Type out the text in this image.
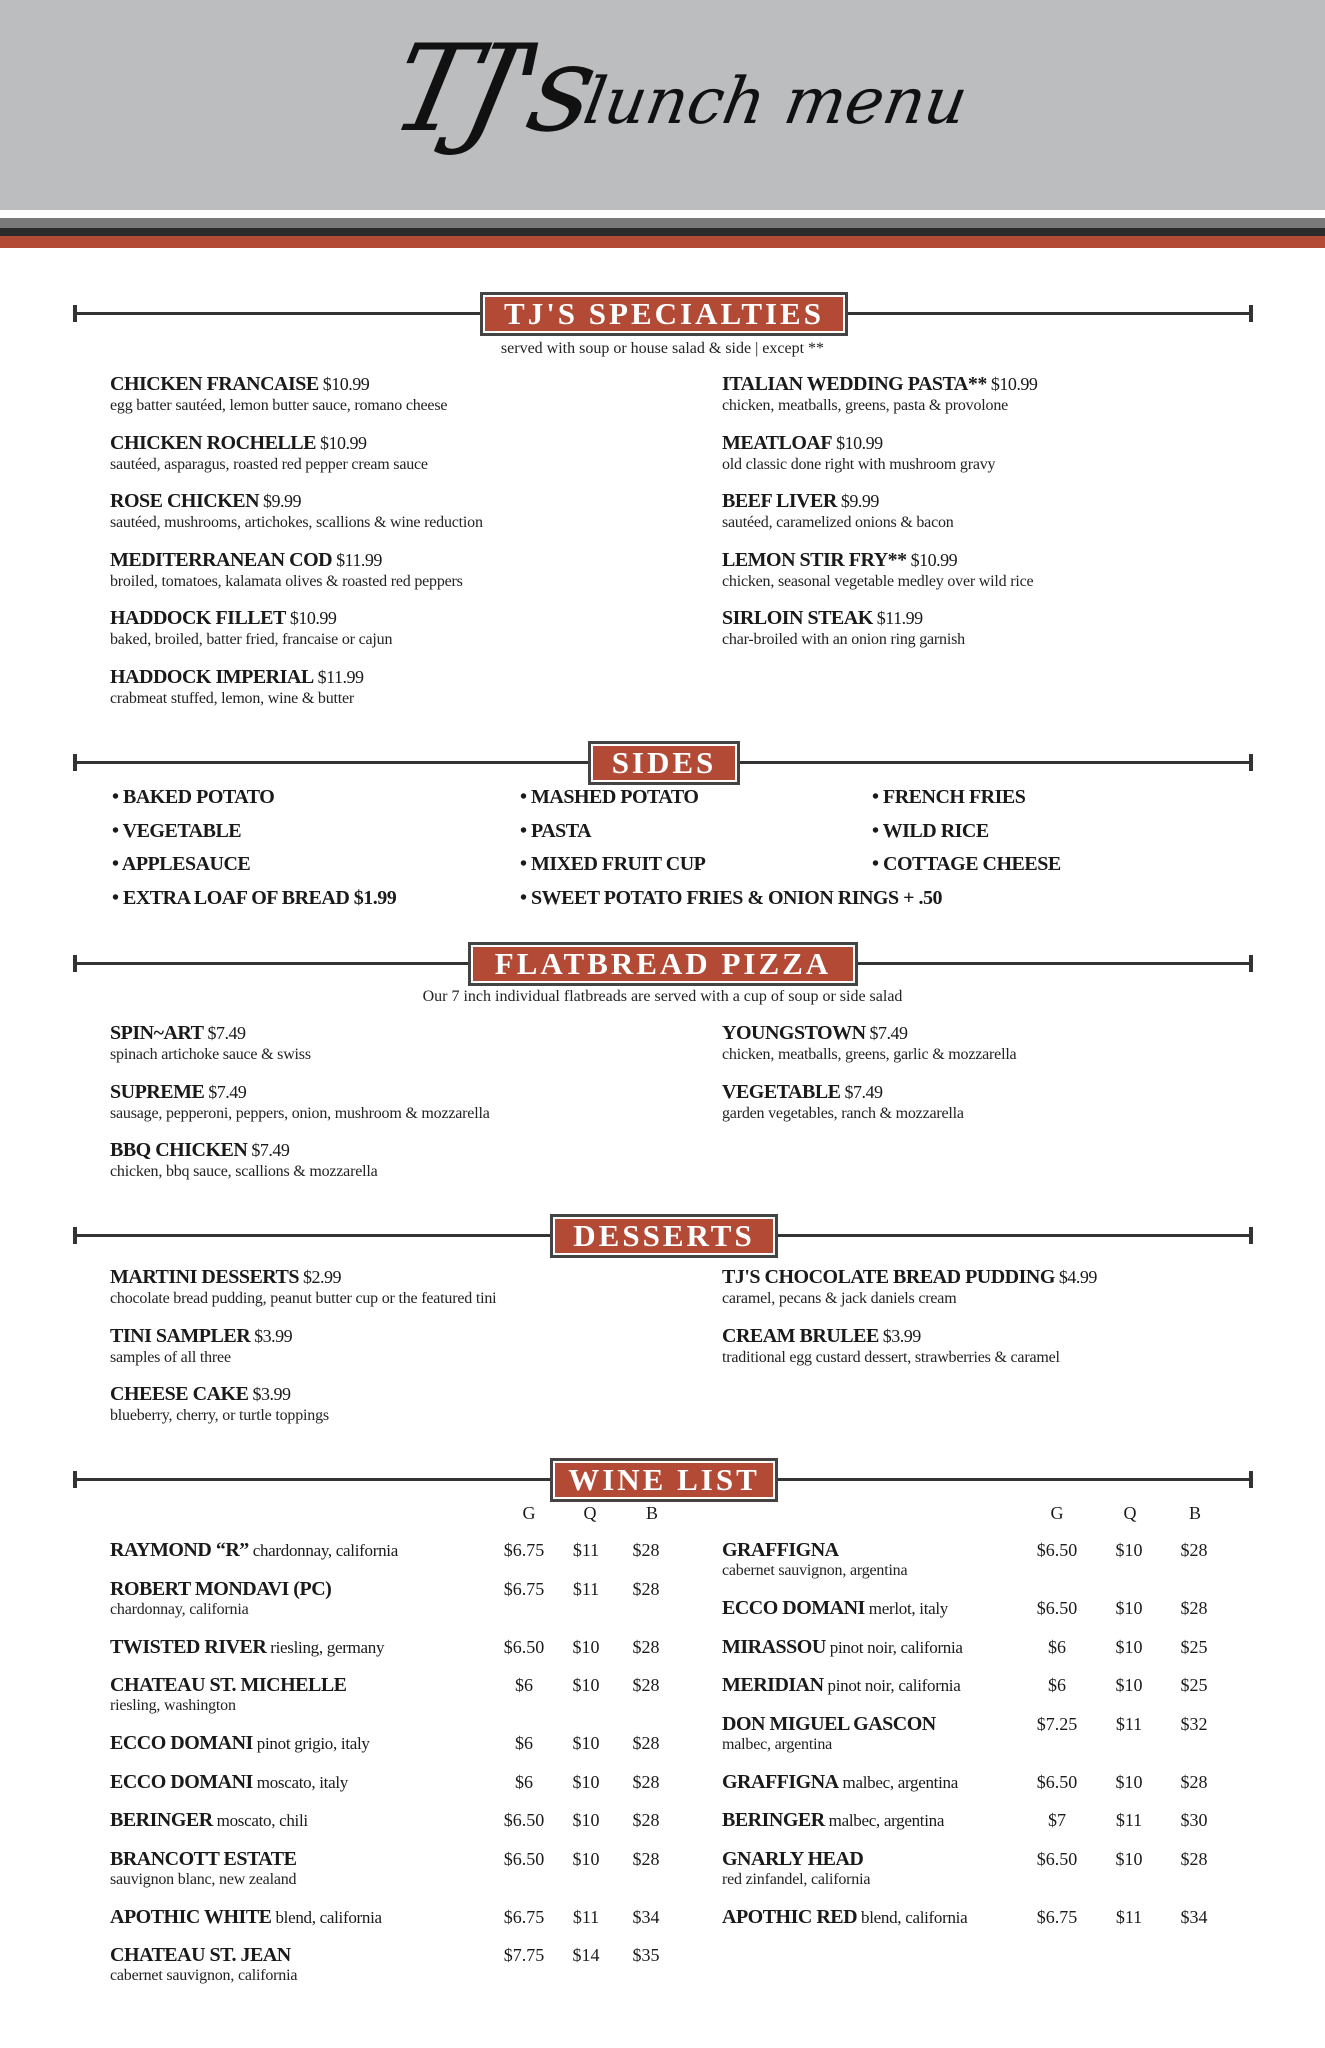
TJ's
lunch menu
TJ'S SPECIALTIES
served with soup or house salad & side | except **
CHICKEN FRANCAISE $10.99
egg batter sautéed, lemon butter sauce, romano cheese
CHICKEN ROCHELLE $10.99
sautéed, asparagus, roasted red pepper cream sauce
ROSE CHICKEN $9.99
sautéed, mushrooms, artichokes, scallions & wine reduction
MEDITERRANEAN COD $11.99
broiled, tomatoes, kalamata olives & roasted red peppers
HADDOCK FILLET $10.99
baked, broiled, batter fried, francaise or cajun
HADDOCK IMPERIAL $11.99
crabmeat stuffed, lemon, wine & butter
ITALIAN WEDDING PASTA** $10.99
chicken, meatballs, greens, pasta & provolone
MEATLOAF $10.99
old classic done right with mushroom gravy
BEEF LIVER $9.99
sautéed, caramelized onions & bacon
LEMON STIR FRY** $10.99
chicken, seasonal vegetable medley over wild rice
SIRLOIN STEAK $11.99
char-broiled with an onion ring garnish
SIDES
• BAKED POTATO
• VEGETABLE
• APPLESAUCE
• EXTRA LOAF OF BREAD $1.99
• MASHED POTATO
• PASTA
• MIXED FRUIT CUP
• SWEET POTATO FRIES & ONION RINGS + .50
• FRENCH FRIES
• WILD RICE
• COTTAGE CHEESE
FLATBREAD PIZZA
Our 7 inch individual flatbreads are served with a cup of soup or side salad
SPIN~ART $7.49
spinach artichoke sauce & swiss
SUPREME $7.49
sausage, pepperoni, peppers, onion, mushroom & mozzarella
BBQ CHICKEN $7.49
chicken, bbq sauce, scallions & mozzarella
YOUNGSTOWN $7.49
chicken, meatballs, greens, garlic & mozzarella
VEGETABLE $7.49
garden vegetables, ranch & mozzarella
DESSERTS
MARTINI DESSERTS $2.99
chocolate bread pudding, peanut butter cup or the featured tini
TINI SAMPLER $3.99
samples of all three
CHEESE CAKE $3.99
blueberry, cherry, or turtle toppings
TJ'S CHOCOLATE BREAD PUDDING $4.99
caramel, pecans & jack daniels cream
CREAM BRULEE $3.99
traditional egg custard dessert, strawberries & caramel
WINE LIST
G	Q	B	G	Q	B
RAYMOND “R” chardonnay, california	$6.75	$11	$28
ROBERT MONDAVI (PC)
chardonnay, california
$6.75	$11	$28
TWISTED RIVER riesling, germany	$6.50	$10	$28
CHATEAU ST. MICHELLE
riesling, washington
$6	$10	$28
ECCO DOMANI pinot grigio, italy	$6	$10	$28
ECCO DOMANI moscato, italy	$6	$10	$28
BERINGER moscato, chili	$6.50	$10	$28
BRANCOTT ESTATE
sauvignon blanc, new zealand
$6.50	$10	$28
APOTHIC WHITE blend, california	$6.75	$11	$34
CHATEAU ST. JEAN
cabernet sauvignon, california
$7.75	$14	$35
GRAFFIGNA
cabernet sauvignon, argentina
$6.50	$10	$28
ECCO DOMANI merlot, italy	$6.50	$10	$28
MIRASSOU pinot noir, california	$6	$10	$25
MERIDIAN pinot noir, california	$6	$10	$25
DON MIGUEL GASCON
malbec, argentina
$7.25	$11	$32
GRAFFIGNA malbec, argentina	$6.50	$10	$28
BERINGER malbec, argentina	$7	$11	$30
GNARLY HEAD
red zinfandel, california
$6.50	$10	$28
APOTHIC RED blend, california	$6.75	$11	$34
